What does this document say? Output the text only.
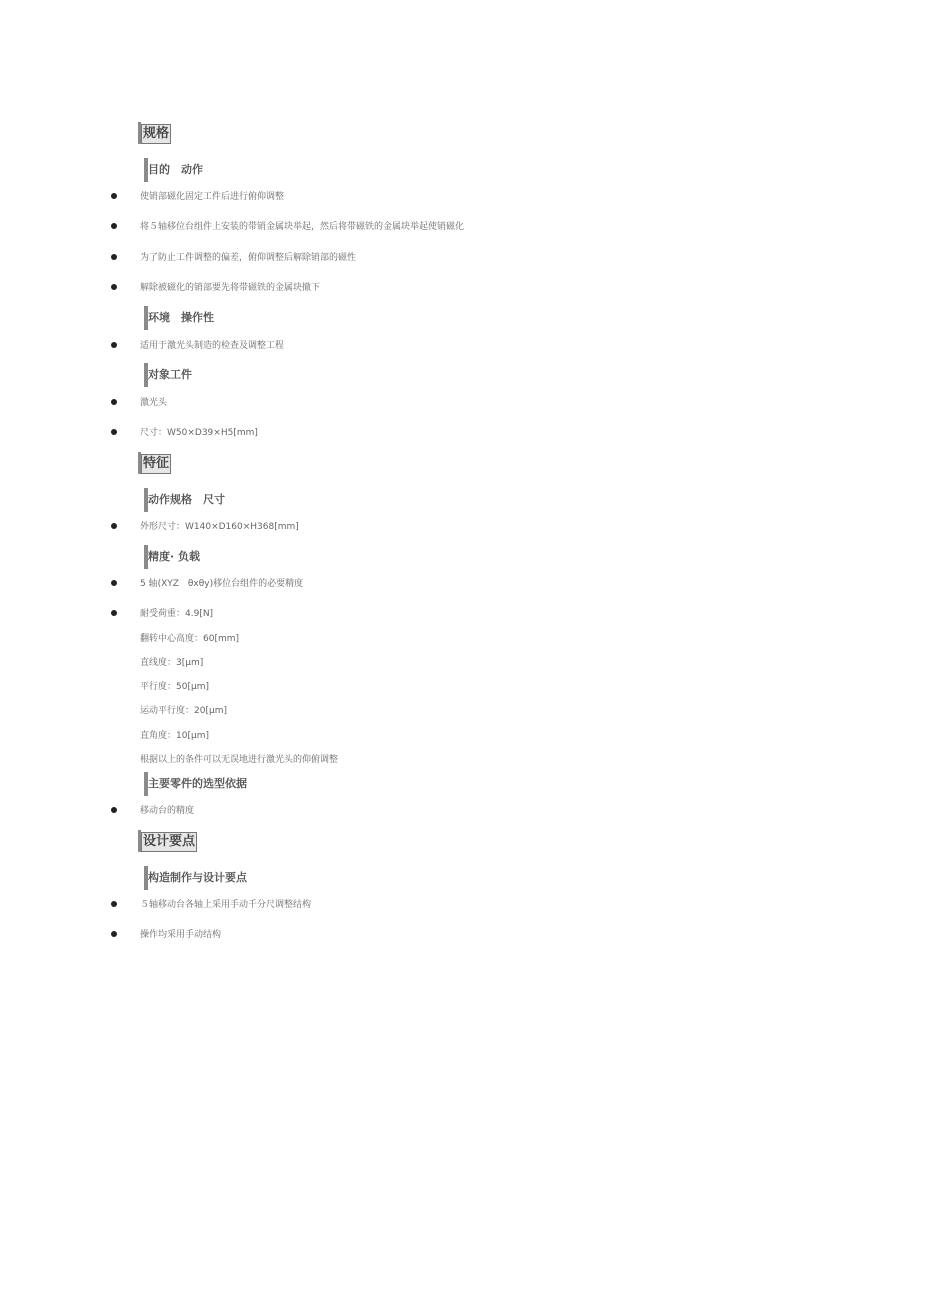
规格
目的　动作
使销部磁化固定工件后进行俯仰调整
将５轴移位台组件上安装的带销金属块举起，然后将带磁铁的金属块举起使销磁化
为了防止工件调整的偏差，俯仰调整后解除销部的磁性
解除被磁化的销部要先将带磁铁的金属块撤下
环境　操作性
适用于激光头制造的检查及调整工程
对象工件
激光头
尺寸：W50×D39×H5[mm]
特征
动作规格　尺寸
外形尺寸：W140×D160×H368[mm]
精度· 负载
5 轴(XYZ　θxθy)移位台组件的必要精度
耐受荷重：4.9[N]
翻转中心高度：60[mm]
直线度：3[μm]
平行度：50[μm]
运动平行度：20[μm]
直角度：10[μm]
根据以上的条件可以无误地进行激光头的仰俯调整
主要零件的选型依据
移动台的精度
设计要点
构造制作与设计要点
５轴移动台各轴上采用手动千分尺调整结构
操作均采用手动结构
